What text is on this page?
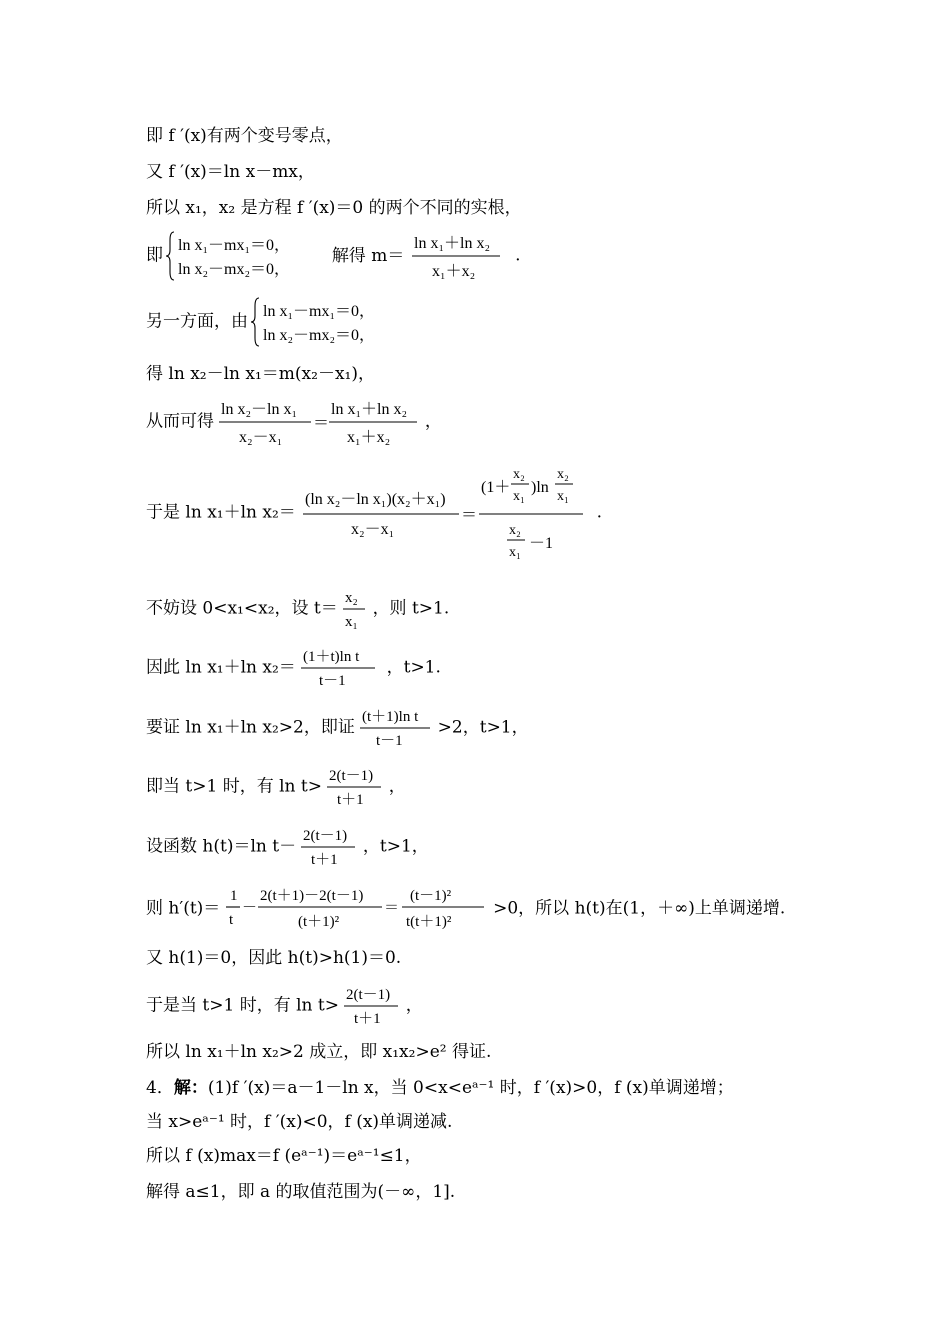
即 f ′(x)有两个变号零点，
又 f ′(x)＝ln x－mx，
所以 x₁，x₂ 是方程 f ′(x)＝0 的两个不同的实根，
即 ln x₁－mx₁＝0，
ln x₂－mx₂＝0，
解得 m＝
ln x₁＋ln x₂
x₁＋x₂
.
另一方面，由 ln x₁－mx₁＝0，
ln x₂－mx₂＝0，
得 ln x₂－ln x₁＝m(x₂－x₁)，
从而可得
ln x₂－ln x₁
x₂－x₁
＝
ln x₁＋ln x₂
x₁＋x₂
，
于是 ln x₁＋ln x₂＝
(ln x₂－ln x₁)(x₂＋x₁)
x₂－x₁
＝
(1＋
x₂
x₁
)ln
x₂
x₁
x₂
x₁
－1
.
不妨设 0<x₁<x₂，设 t＝
x₂
x₁
，则 t>1.
因此 ln x₁＋ln x₂＝
(1＋t)ln t
t－1
，t>1.
要证 ln x₁＋ln x₂>2，即证
(t＋1)ln t
t－1
>2，t>1，
即当 t>1 时，有 ln t>
2(t－1)
t＋1
，
设函数 h(t)＝ln t－
2(t－1)
t＋1
，t>1，
则 h′(t)＝
1
t
－
2(t＋1)－2(t－1)
(t＋1)²
＝
(t－1)²
t(t＋1)²
>0，所以 h(t)在(1，＋∞)上单调递增.
又 h(1)＝0，因此 h(t)>h(1)＝0.
于是当 t>1 时，有 ln t>
2(t－1)
t＋1
，
所以 ln x₁＋ln x₂>2 成立，即 x₁x₂>e² 得证.
4．解：(1)f ′(x)＝a－1－ln x，当 0<x<eᵃ⁻¹ 时，f ′(x)>0，f (x)单调递增；
当 x>eᵃ⁻¹ 时，f ′(x)<0，f (x)单调递减.
所以 f (x)max＝f (eᵃ⁻¹)＝eᵃ⁻¹≤1，
解得 a≤1，即 a 的取值范围为(－∞，1].
